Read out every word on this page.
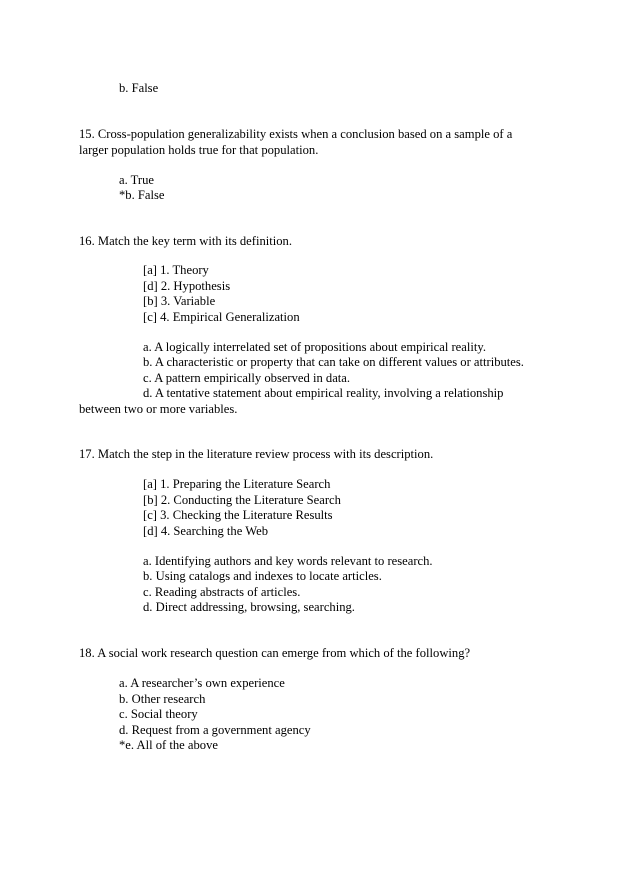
b. False
15. Cross-population generalizability exists when a conclusion based on a sample of a
larger population holds true for that population.
a. True
*b. False
16. Match the key term with its definition.
[a] 1. Theory
[d] 2. Hypothesis
[b] 3. Variable
[c] 4. Empirical Generalization
a. A logically interrelated set of propositions about empirical reality.
b. A characteristic or property that can take on different values or attributes.
c. A pattern empirically observed in data.
d. A tentative statement about empirical reality, involving a relationship
between two or more variables.
17. Match the step in the literature review process with its description.
[a] 1. Preparing the Literature Search
[b] 2. Conducting the Literature Search
[c] 3. Checking the Literature Results
[d] 4. Searching the Web
a. Identifying authors and key words relevant to research.
b. Using catalogs and indexes to locate articles.
c. Reading abstracts of articles.
d. Direct addressing, browsing, searching.
18. A social work research question can emerge from which of the following?
a. A researcher’s own experience
b. Other research
c. Social theory
d. Request from a government agency
*e. All of the above
